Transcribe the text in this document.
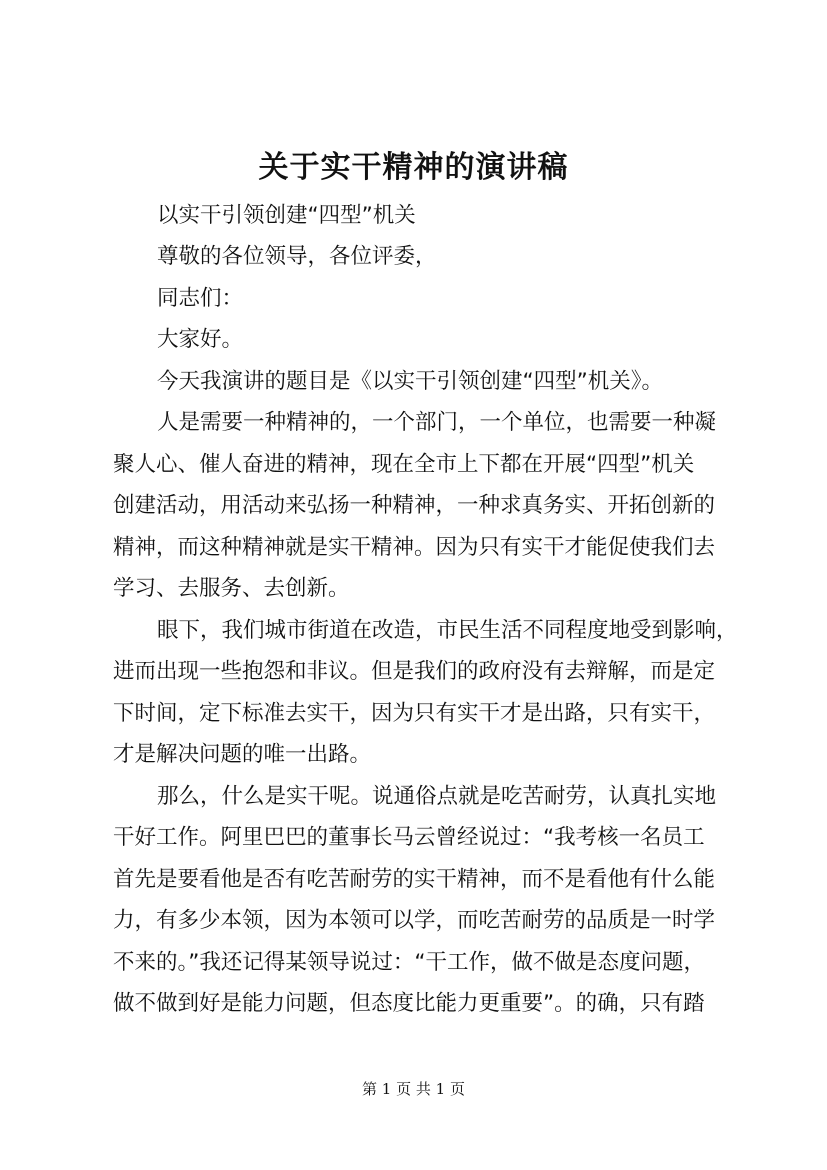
关于实干精神的演讲稿
以实干引领创建“四型”机关
尊敬的各位领导，各位评委，
同志们：
大家好。
今天我演讲的题目是《以实干引领创建“四型”机关》。
人是需要一种精神的，一个部门，一个单位，也需要一种凝
聚人心、催人奋进的精神，现在全市上下都在开展“四型”机关
创建活动，用活动来弘扬一种精神，一种求真务实、开拓创新的
精神，而这种精神就是实干精神。因为只有实干才能促使我们去
学习、去服务、去创新。
眼下，我们城市街道在改造，市民生活不同程度地受到影响，
进而出现一些抱怨和非议。但是我们的政府没有去辩解，而是定
下时间，定下标准去实干，因为只有实干才是出路，只有实干，
才是解决问题的唯一出路。
那么，什么是实干呢。说通俗点就是吃苦耐劳，认真扎实地
干好工作。阿里巴巴的董事长马云曾经说过：“我考核一名员工
首先是要看他是否有吃苦耐劳的实干精神，而不是看他有什么能
力，有多少本领，因为本领可以学，而吃苦耐劳的品质是一时学
不来的。”我还记得某领导说过：“干工作，做不做是态度问题，
做不做到好是能力问题，但态度比能力更重要”。的确，只有踏
第 1 页 共 1 页
